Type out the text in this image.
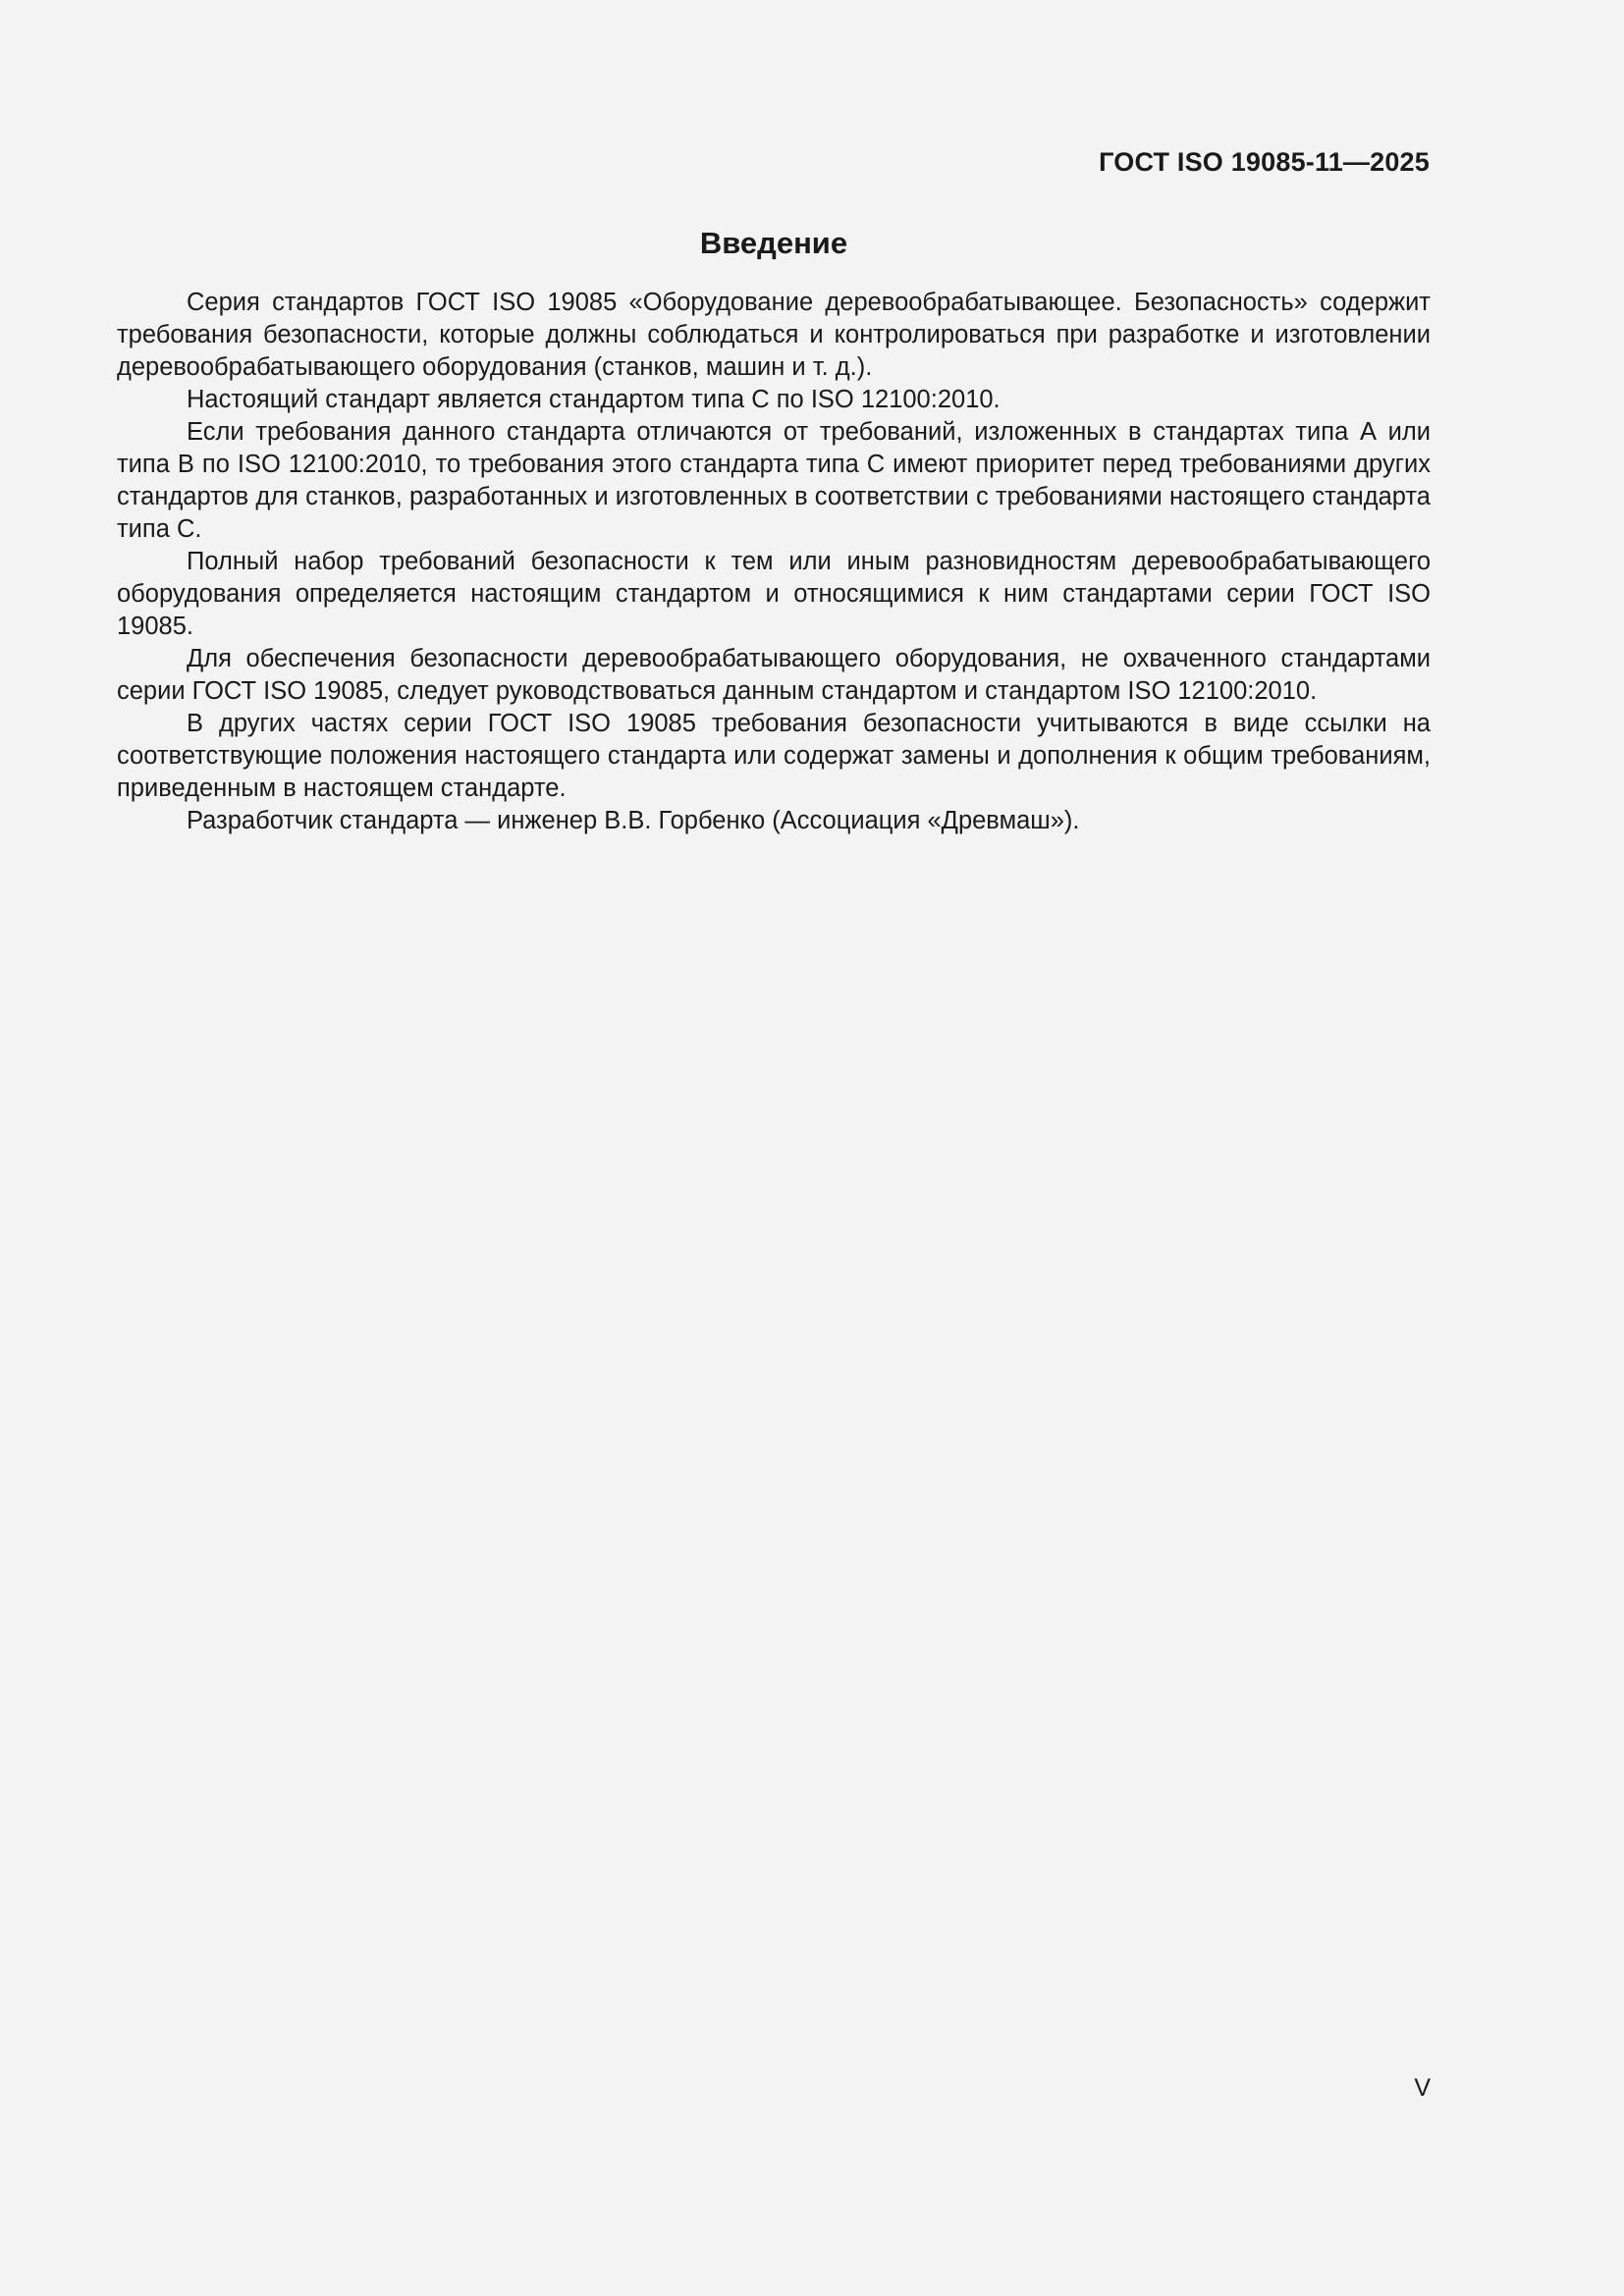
ГОСТ ISO 19085-11—2025
Введение

Серия стандартов ГОСТ ISO 19085 «Оборудование деревообрабатывающее. Безопасность» содержит требования безопасности, которые должны соблюдаться и контролироваться при разработке и изготовлении деревообрабатывающего оборудования (станков, машин и т. д.).

Настоящий стандарт является стандартом типа С по ISO 12100:2010.

Если требования данного стандарта отличаются от требований, изложенных в стандартах типа А или типа В по ISO 12100:2010, то требования этого стандарта типа С имеют приоритет перед требованиями других стандартов для станков, разработанных и изготовленных в соответствии с требованиями настоящего стандарта типа С.

Полный набор требований безопасности к тем или иным разновидностям деревообрабатывающего оборудования определяется настоящим стандартом и относящимися к ним стандартами серии ГОСТ ISO 19085.

Для обеспечения безопасности деревообрабатывающего оборудования, не охваченного стандартами серии ГОСТ ISO 19085, следует руководствоваться данным стандартом и стандартом ISO 12100:2010.

В других частях серии ГОСТ ISO 19085 требования безопасности учитываются в виде ссылки на соответствующие положения настоящего стандарта или содержат замены и дополнения к общим требованиям, приведенным в настоящем стандарте.

Разработчик стандарта — инженер В.В. Горбенко (Ассоциация «Древмаш»).

V
